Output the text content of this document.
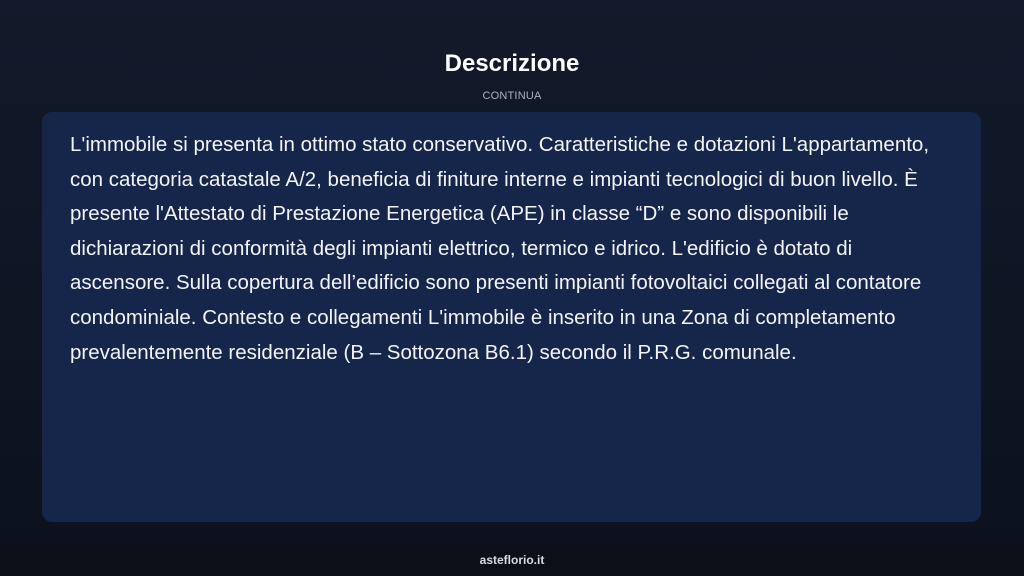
Descrizione
CONTINUA

L'immobile si presenta in ottimo stato conservativo. Caratteristiche e dotazioni L'appartamento, con categoria catastale A/2, beneficia di finiture interne e impianti tecnologici di buon livello. È presente l'Attestato di Prestazione Energetica (APE) in classe “D” e sono disponibili le dichiarazioni di conformità degli impianti elettrico, termico e idrico. L'edificio è dotato di ascensore. Sulla copertura dell’edificio sono presenti impianti fotovoltaici collegati al contatore condominiale. Contesto e collegamenti L'immobile è inserito in una Zona di completamento prevalentemente residenziale (B – Sottozona B6.1) secondo il P.R.G. comunale.

asteflorio.it
